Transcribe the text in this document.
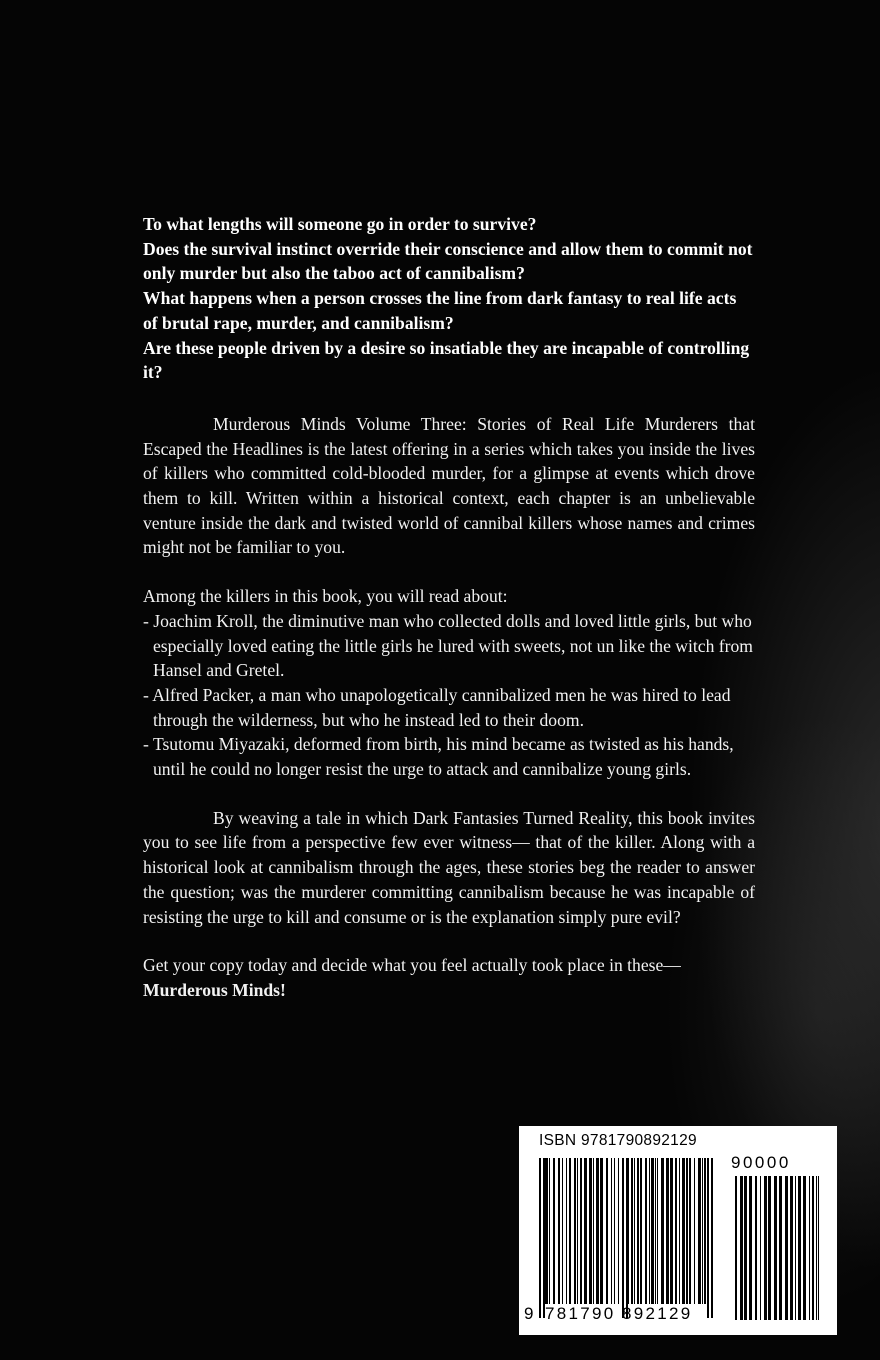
To what lengths will someone go in order to survive?

Does the survival instinct override their conscience and allow them to commit not only murder but also the taboo act of cannibalism?

What happens when a person crosses the line from dark fantasy to real life acts of brutal rape, murder, and cannibalism?

Are these people driven by a desire so insatiable they are incapable of controlling it?

Murderous Minds Volume Three: Stories of Real Life Murderers that Escaped the Headlines is the latest offering in a series which takes you inside the lives of killers who committed cold-blooded murder, for a glimpse at events which drove them to kill. Written within a historical context, each chapter is an unbelievable venture inside the dark and twisted world of cannibal killers whose names and crimes might not be familiar to you.

Among the killers in this book, you will read about:

- Joachim Kroll, the diminutive man who collected dolls and loved little girls, but who especially loved eating the little girls he lured with sweets, not un like the witch from Hansel and Gretel.
- Alfred Packer, a man who unapologetically cannibalized men he was hired to lead through the wilderness, but who he instead led to their doom.
- Tsutomu Miyazaki, deformed from birth, his mind became as twisted as his hands, until he could no longer resist the urge to attack and cannibalize young girls.

By weaving a tale in which Dark Fantasies Turned Reality, this book invites you to see life from a perspective few ever witness— that of the killer. Along with a historical look at cannibalism through the ages, these stories beg the reader to answer the question; was the murderer committing cannibalism because he was incapable of resisting the urge to kill and consume or is the explanation simply pure evil?

Get your copy today and decide what you feel actually took place in these—
Murderous Minds!

ISBN 9781790892129
9 781790 892129
90000
